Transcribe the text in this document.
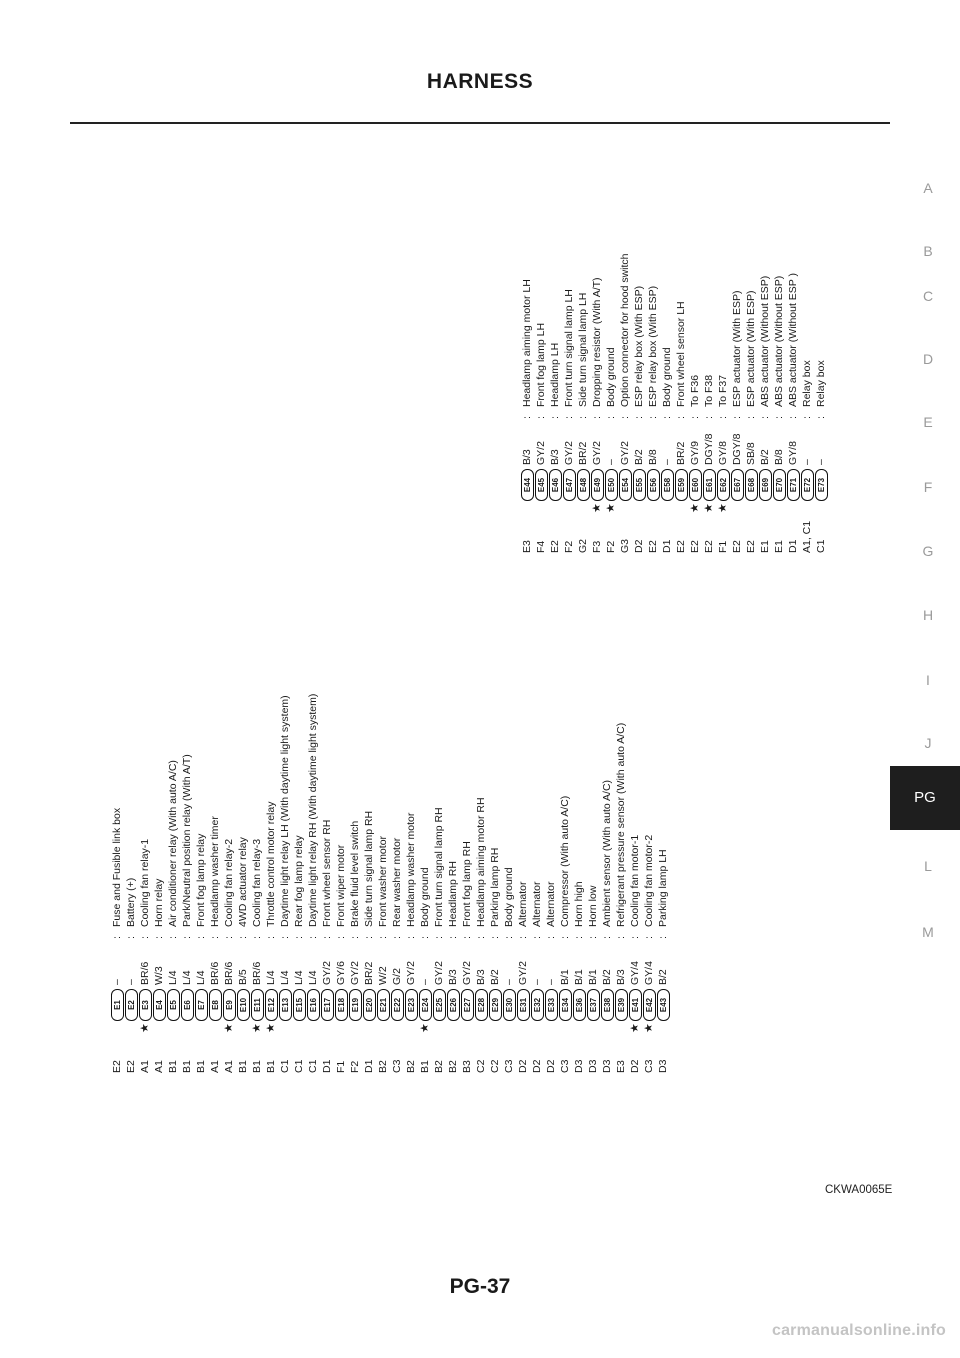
HARNESS
A
B
C
D
E
F
G
H
I
J
PG
L
M
E2
E1
–
:
Fuse and Fusible link box
E2
E2
–
:
Battery (+)
A1
★
E3
BR/6
:
Cooling fan relay-1
A1
E4
W/3
:
Horn relay
B1
E5
L/4
:
Air conditioner relay (With auto A/C)
B1
E6
L/4
:
Park/Neutral position relay (With A/T)
B1
E7
L/4
:
Front fog lamp relay
A1
E8
BR/6
:
Headlamp washer timer
A1
★
E9
BR/6
:
Cooling fan relay-2
B1
E10
B/5
:
4WD actuator relay
B1
★
E11
BR/6
:
Cooling fan relay-3
B1
★
E12
L/4
:
Throttle control motor relay
C1
E13
L/4
:
Daytime light relay LH (With daytime light system)
C1
E15
L/4
:
Rear fog lamp relay
C1
E16
L/4
:
Daytime light relay RH (With daytime light system)
D1
E17
GY/2
:
Front wheel sensor RH
F1
E18
GY/6
:
Front wiper motor
F2
E19
GY/2
:
Brake fluid level switch
D1
E20
BR/2
:
Side turn signal lamp RH
B2
E21
W/2
:
Front washer motor
C3
E22
G/2
:
Rear washer motor
B2
E23
GY/2
:
Headlamp washer motor
B1
★
E24
–
:
Body ground
B2
E25
GY/2
:
Front turn signal lamp RH
B2
E26
B/3
:
Headlamp RH
B3
E27
GY/2
:
Front fog lamp RH
C2
E28
B/3
:
Headlamp aiming motor RH
C2
E29
B/2
:
Parking lamp RH
C3
E30
–
:
Body ground
D2
E31
GY/2
:
Alternator
D2
E32
–
:
Alternator
D2
E33
–
:
Alternator
C3
E34
B/1
:
Compressor (With auto A/C)
D3
E36
B/1
:
Horn high
D3
E37
B/1
:
Horn low
D3
E38
B/2
:
Ambient sensor (With auto A/C)
E3
E39
B/3
:
Refrigerant pressure sensor (With auto A/C)
D2
★
E41
GY/4
:
Cooling fan motor-1
C3
★
E42
GY/4
:
Cooling fan motor-2
D3
E43
B/2
:
Parking lamp LH
E3
E44
B/3
:
Headlamp aiming motor LH
F4
E45
GY/2
:
Front fog lamp LH
E2
E46
B/3
:
Headlamp LH
F2
E47
GY/2
:
Front turn signal lamp LH
G2
E48
BR/2
:
Side turn signal lamp LH
F3
★
E49
GY/2
:
Dropping resistor (With A/T)
F2
★
E50
–
:
Body ground
G3
E54
GY/2
:
Option connector for hood switch
D2
E55
B/2
:
ESP relay box (With ESP)
E2
E56
B/8
:
ESP relay box (With ESP)
D1
E58
–
:
Body ground
E2
E59
BR/2
:
Front wheel sensor LH
E2
★
E60
GY/9
:
To F36
E2
★
E61
DGY/8
:
To F38
F1
★
E62
GY/8
:
To F37
E2
E67
DGY/8
:
ESP actuator (With ESP)
E2
E68
SB/8
:
ESP actuator (With ESP)
E1
E69
B/2
:
ABS actuator (Without ESP)
E1
E70
B/8
:
ABS actuator (Without ESP)
D1
E71
GY/8
:
ABS actuator (Without ESP )
A1, C1
E72
–
:
Relay box
C1
E73
–
:
Relay box
CKWA0065E
PG-37
carmanualsonline.info
